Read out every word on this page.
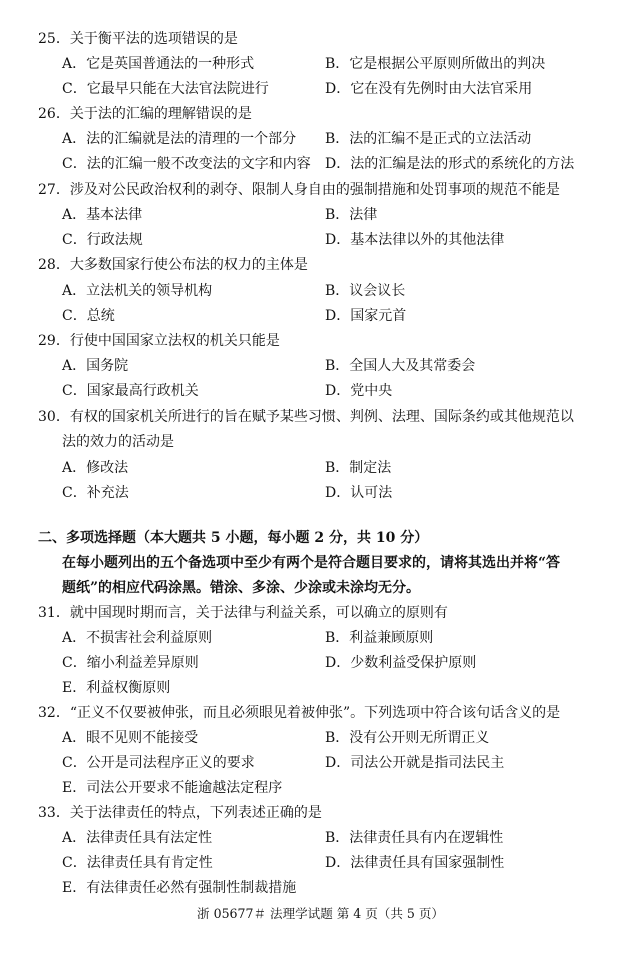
25．关于衡平法的选项错误的是
A．它是英国普通法的一种形式	B．它是根据公平原则所做出的判决
C．它最早只能在大法官法院进行	D．它在没有先例时由大法官采用
26．关于法的汇编的理解错误的是
A．法的汇编就是法的清理的一个部分	B．法的汇编不是正式的立法活动
C．法的汇编一般不改变法的文字和内容	D．法的汇编是法的形式的系统化的方法
27．涉及对公民政治权利的剥夺、限制人身自由的强制措施和处罚事项的规范不能是
A．基本法律	B．法律
C．行政法规	D．基本法律以外的其他法律
28．大多数国家行使公布法的权力的主体是
A．立法机关的领导机构	B．议会议长
C．总统	D．国家元首
29．行使中国国家立法权的机关只能是
A．国务院	B．全国人大及其常委会
C．国家最高行政机关	D．党中央
30．有权的国家机关所进行的旨在赋予某些习惯、判例、法理、国际条约或其他规范以
法的效力的活动是
A．修改法	B．制定法
C．补充法	D．认可法
二、多项选择题（本大题共 5 小题，每小题 2 分，共 10 分）
在每小题列出的五个备选项中至少有两个是符合题目要求的，请将其选出并将“答
题纸”的相应代码涂黑。错涂、多涂、少涂或未涂均无分。
31．就中国现时期而言，关于法律与利益关系，可以确立的原则有
A．不损害社会利益原则	B．利益兼顾原则
C．缩小利益差异原则	D．少数利益受保护原则
E．利益权衡原则
32．“正义不仅要被伸张，而且必须眼见着被伸张”。下列选项中符合该句话含义的是
A．眼不见则不能接受	B．没有公开则无所谓正义
C．公开是司法程序正义的要求	D．司法公开就是指司法民主
E．司法公开要求不能逾越法定程序
33．关于法律责任的特点，下列表述正确的是
A．法律责任具有法定性	B．法律责任具有内在逻辑性
C．法律责任具有肯定性	D．法律责任具有国家强制性
E．有法律责任必然有强制性制裁措施
浙 05677＃ 法理学试题 第 4 页（共 5 页）
